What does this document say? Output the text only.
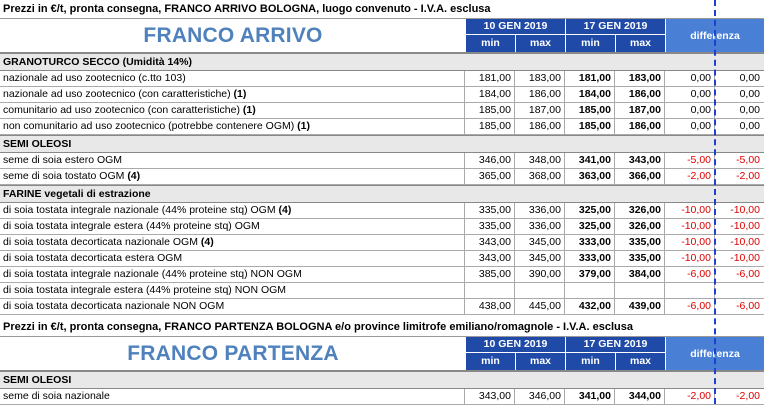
Prezzi in €/t, pronta consegna, FRANCO ARRIVO BOLOGNA, luogo convenuto - I.V.A. esclusa
FRANCO ARRIVO	10 GEN 2019
min	max
17 GEN 2019
min	max
differenza
GRANOTURCO SECCO (Umidità 14%)
nazionale ad uso zootecnico (c.tto 103)	181,00	183,00	181,00	183,00	0,00	0,00
nazionale ad uso zootecnico (con caratteristiche) (1)	184,00	186,00	184,00	186,00	0,00	0,00
comunitario ad uso zootecnico (con caratteristiche) (1)	185,00	187,00	185,00	187,00	0,00	0,00
non comunitario ad uso zootecnico (potrebbe contenere OGM) (1)	185,00	186,00	185,00	186,00	0,00	0,00
SEMI OLEOSI
seme di soia estero OGM	346,00	348,00	341,00	343,00	-5,00	-5,00
seme di soia tostato OGM (4)	365,00	368,00	363,00	366,00	-2,00	-2,00
FARINE vegetali di estrazione
di soia tostata integrale nazionale (44% proteine stq) OGM (4)	335,00	336,00	325,00	326,00	-10,00	-10,00
di soia tostata integrale estera (44% proteine stq) OGM	335,00	336,00	325,00	326,00	-10,00	-10,00
di soia tostata decorticata nazionale OGM (4)	343,00	345,00	333,00	335,00	-10,00	-10,00
di soia tostata decorticata estera OGM	343,00	345,00	333,00	335,00	-10,00	-10,00
di soia tostata integrale nazionale (44% proteine stq) NON OGM	385,00	390,00	379,00	384,00	-6,00	-6,00
di soia tostata integrale estera (44% proteine stq) NON OGM
di soia tostata decorticata nazionale NON OGM	438,00	445,00	432,00	439,00	-6,00	-6,00
Prezzi in €/t, pronta consegna, FRANCO PARTENZA BOLOGNA e/o province limitrofe emiliano/romagnole - I.V.A. esclusa
FRANCO PARTENZA	10 GEN 2019
min	max
17 GEN 2019
min	max
differenza
SEMI OLEOSI
seme di soia nazionale	343,00	346,00	341,00	344,00	-2,00	-2,00
